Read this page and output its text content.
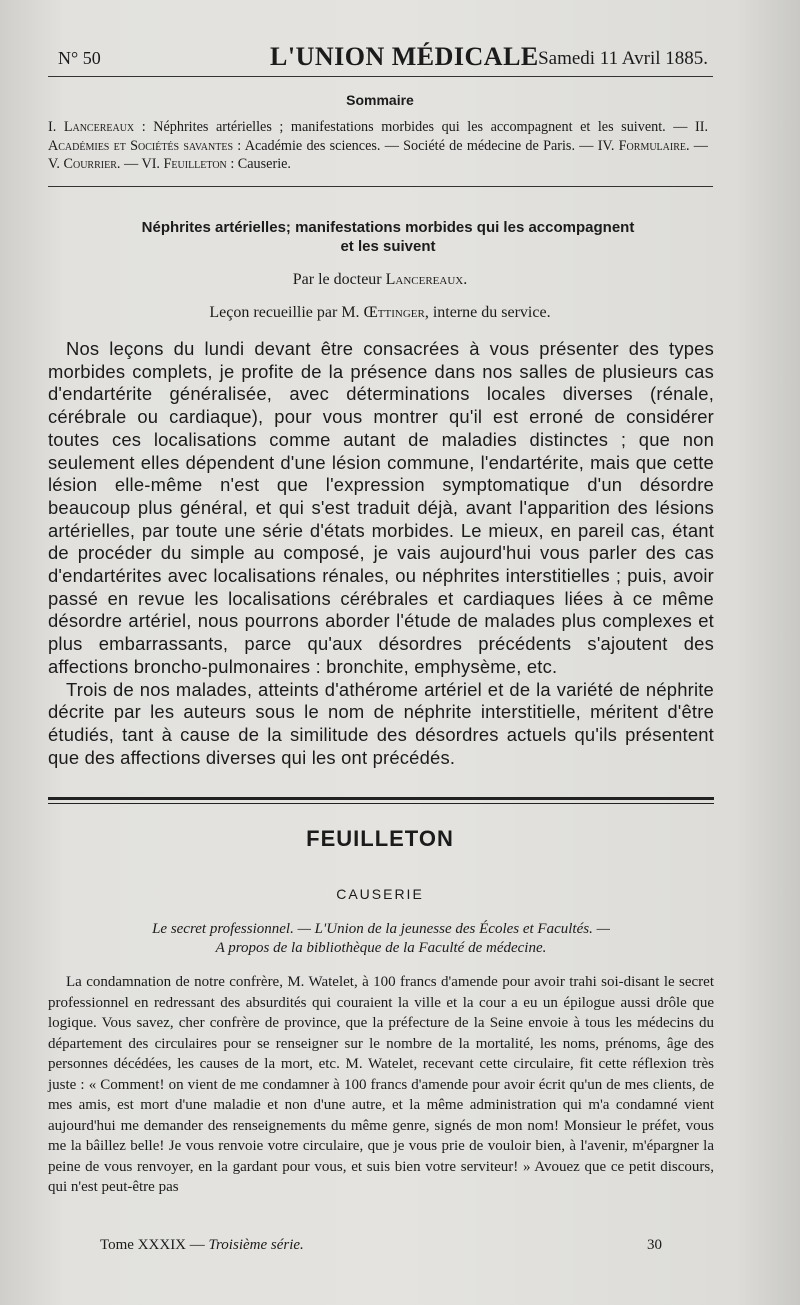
N° 50	L'UNION MÉDICALE Samedi 11 Avril 1885.
Sommaire
I. Lancereaux : Néphrites artérielles ; manifestations morbides qui les accompagnent et les suivent. — II. Académies et Sociétés savantes : Académie des sciences. — Société de médecine de Paris. — IV. Formulaire. — V. Courrier. — VI. Feuilleton : Causerie.
Néphrites artérielles; manifestations morbides qui les accompagnent
et les suivent
Par le docteur Lancereaux.
Leçon recueillie par M. Œttinger, interne du service.

Nos leçons du lundi devant être consacrées à vous présenter des types morbides complets, je profite de la présence dans nos salles de plusieurs cas d'endartérite généralisée, avec déterminations locales diverses (rénale, cérébrale ou cardiaque), pour vous montrer qu'il est erroné de considérer toutes ces localisations comme autant de maladies distinctes ; que non seulement elles dépendent d'une lésion commune, l'endartérite, mais que cette lésion elle-même n'est que l'expression symptomatique d'un désordre beaucoup plus général, et qui s'est traduit déjà, avant l'apparition des lésions artérielles, par toute une série d'états morbides. Le mieux, en pareil cas, étant de procéder du simple au composé, je vais aujourd'hui vous parler des cas d'endartérites avec localisations rénales, ou néphrites interstitielles ; puis, avoir passé en revue les localisations cérébrales et cardiaques liées à ce même désordre artériel, nous pourrons aborder l'étude de malades plus complexes et plus embarrassants, parce qu'aux désordres précédents s'ajoutent des affections broncho-pulmonaires : bronchite, emphysème, etc.

Trois de nos malades, atteints d'athérome artériel et de la variété de néphrite décrite par les auteurs sous le nom de néphrite interstitielle, méritent d'être étudiés, tant à cause de la similitude des désordres actuels qu'ils présentent que des affections diverses qui les ont précédés.

FEUILLETON
CAUSERIE
Le secret professionnel. — L'Union de la jeunesse des Écoles et Facultés. —
A propos de la bibliothèque de la Faculté de médecine.

La condamnation de notre confrère, M. Watelet, à 100 francs d'amende pour avoir trahi soi-disant le secret professionnel en redressant des absurdités qui couraient la ville et la cour a eu un épilogue aussi drôle que logique. Vous savez, cher confrère de province, que la préfecture de la Seine envoie à tous les médecins du département des circulaires pour se renseigner sur le nombre de la mortalité, les noms, prénoms, âge des personnes décédées, les causes de la mort, etc. M. Watelet, recevant cette circulaire, fit cette réflexion très juste : « Comment! on vient de me condamner à 100 francs d'amende pour avoir écrit qu'un de mes clients, de mes amis, est mort d'une maladie et non d'une autre, et la même administration qui m'a condamné vient aujourd'hui me demander des renseignements du même genre, signés de mon nom! Monsieur le préfet, vous me la bâillez belle! Je vous renvoie votre circulaire, que je vous prie de vouloir bien, à l'avenir, m'épargner la peine de vous renvoyer, en la gardant pour vous, et suis bien votre serviteur! » Avouez que ce petit discours, qui n'est peut-être pas

Tome XXXIX — Troisième série.	30
